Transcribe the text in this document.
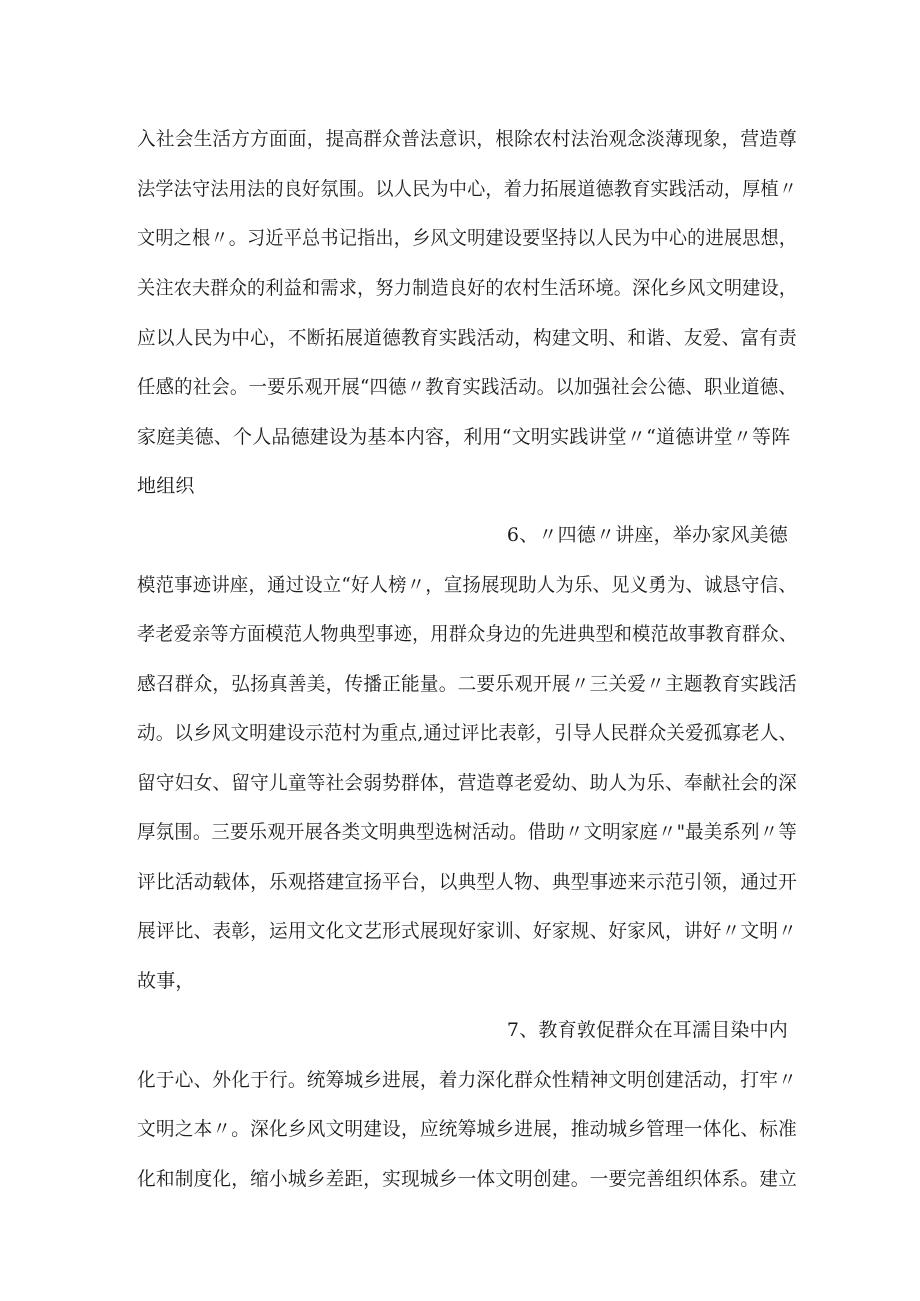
入社会生活方方面面，提高群众普法意识，根除农村法治观念淡薄现象，营造尊
法学法守法用法的良好氛围。以人民为中心，着力拓展道德教育实践活动，厚植〃
文明之根〃。习近平总书记指出，乡风文明建设要坚持以人民为中心的进展思想，
关注农夫群众的利益和需求，努力制造良好的农村生活环境。深化乡风文明建设，
应以人民为中心，不断拓展道德教育实践活动，构建文明、和谐、友爱、富有责
任感的社会。一要乐观开展“四德〃教育实践活动。以加强社会公德、职业道德、
家庭美德、个人品德建设为基本内容，利用“文明实践讲堂〃“道德讲堂〃等阵
地组织
6、〃四德〃讲座，举办家风美德
模范事迹讲座，通过设立“好人榜〃，宣扬展现助人为乐、见义勇为、诚恳守信、
孝老爱亲等方面模范人物典型事迹，用群众身边的先进典型和模范故事教育群众、
感召群众，弘扬真善美，传播正能量。二要乐观开展〃三关爱〃主题教育实践活
动。以乡风文明建设示范村为重点,通过评比表彰，引导人民群众关爱孤寡老人、
留守妇女、留守儿童等社会弱势群体，营造尊老爱幼、助人为乐、奉献社会的深
厚氛围。三要乐观开展各类文明典型选树活动。借助〃文明家庭〃"最美系列〃等
评比活动载体，乐观搭建宣扬平台，以典型人物、典型事迹来示范引领，通过开
展评比、表彰，运用文化文艺形式展现好家训、好家规、好家风，讲好〃文明〃
故事，
7、教育敦促群众在耳濡目染中内
化于心、外化于行。统筹城乡进展，着力深化群众性精神文明创建活动，打牢〃
文明之本〃。深化乡风文明建设，应统筹城乡进展，推动城乡管理一体化、标准
化和制度化，缩小城乡差距，实现城乡一体文明创建。一要完善组织体系。建立
